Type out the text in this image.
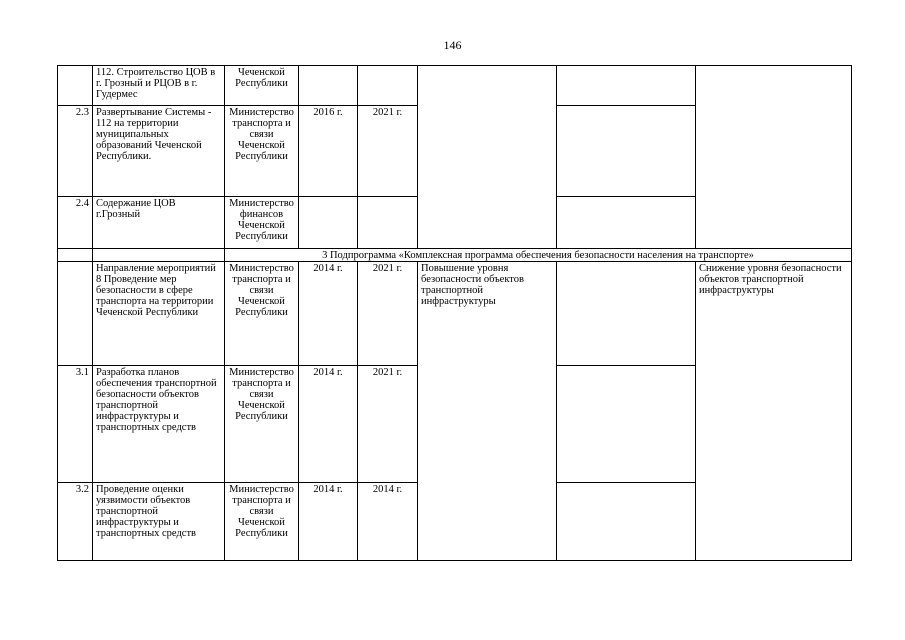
146
	112. Строительство ЦОВ в г. Грозный и РЦОВ в г. Гудермес	Чеченской Республики					
2.3	Развертывание Системы - 112 на территории муниципальных образований Чеченской Республики.	Министерство транспорта и связи Чеченской Республики	2016 г.	2021 г.			
2.4	Содержание ЦОВ г.Грозный	Министерство финансов Чеченской Республики					
		3 Подпрограмма «Комплексная программа обеспечения безопасности населения на транспорте»					
	Направление мероприятий 8 Проведение мер безопасности в сфере транспорта на территории Чеченской Республики	Министерство транспорта и связи Чеченской Республики	2014 г.	2021 г.	Повышение уровня безопасности объектов транспортной инфраструктуры		Снижение уровня безопасности объектов транспортной инфраструктуры
3.1	Разработка планов обеспечения транспортной безопасности объектов транспортной инфраструктуры и транспортных средств	Министерство транспорта и связи Чеченской Республики	2014 г.	2021 г.			
3.2	Проведение оценки уязвимости объектов транспортной инфраструктуры и транспортных средств	Министерство транспорта и связи Чеченской Республики	2014 г.	2014 г.			
